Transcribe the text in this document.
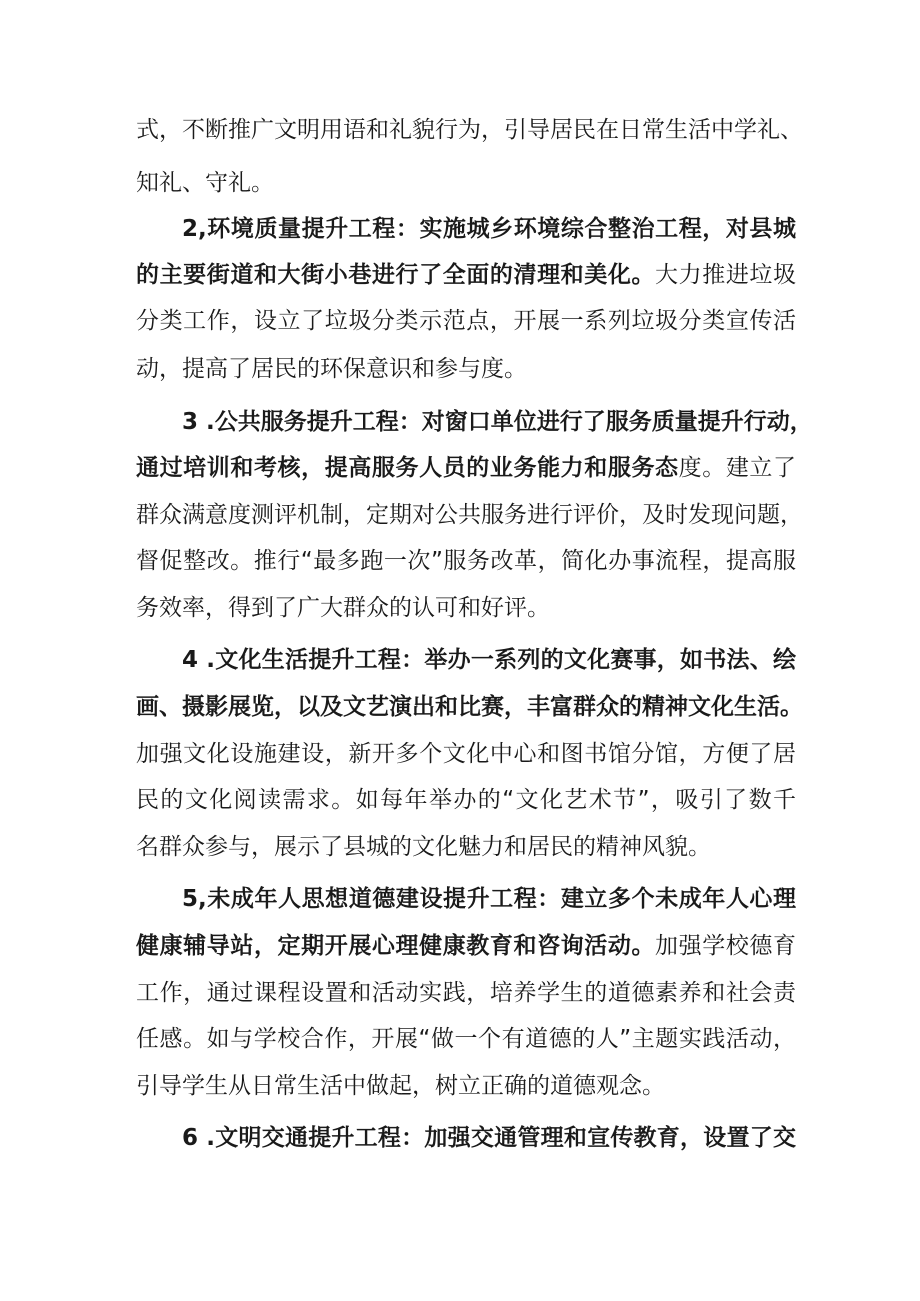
式，不断推广文明用语和礼貌行为，引导居民在日常生活中学礼、
知礼、守礼。
2,环境质量提升工程：实施城乡环境综合整治工程，对县城
的主要街道和大街小巷进行了全面的清理和美化。大力推进垃圾
分类工作，设立了垃圾分类示范点，开展一系列垃圾分类宣传活
动，提高了居民的环保意识和参与度。
3 .公共服务提升工程：对窗口单位进行了服务质量提升行动，
通过培训和考核，提高服务人员的业务能力和服务态度。建立了
群众满意度测评机制，定期对公共服务进行评价，及时发现问题，
督促整改。推行“最多跑一次”服务改革，简化办事流程，提高服
务效率，得到了广大群众的认可和好评。
4 .文化生活提升工程：举办一系列的文化赛事，如书法、绘
画、摄影展览，以及文艺演出和比赛，丰富群众的精神文化生活。
加强文化设施建设，新开多个文化中心和图书馆分馆，方便了居
民的文化阅读需求。如每年举办的“文化艺术节”，吸引了数千
名群众参与，展示了县城的文化魅力和居民的精神风貌。
5,未成年人思想道德建设提升工程：建立多个未成年人心理
健康辅导站，定期开展心理健康教育和咨询活动。加强学校德育
工作，通过课程设置和活动实践，培养学生的道德素养和社会责
任感。如与学校合作，开展“做一个有道德的人”主题实践活动，
引导学生从日常生活中做起，树立正确的道德观念。
6 .文明交通提升工程：加强交通管理和宣传教育，设置了交
